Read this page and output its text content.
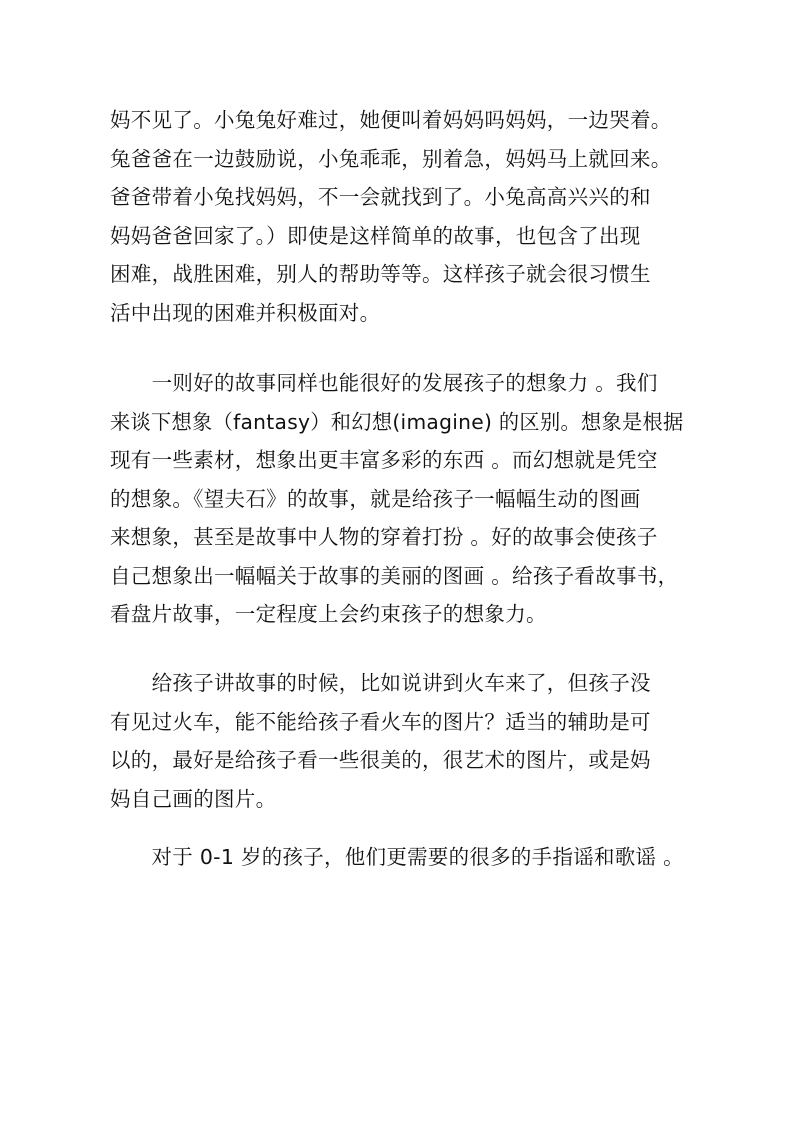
妈不见了。小兔兔好难过，她便叫着妈妈吗妈妈，一边哭着。
兔爸爸在一边鼓励说，小兔乖乖，别着急，妈妈马上就回来。
爸爸带着小兔找妈妈，不一会就找到了。小兔高高兴兴的和
妈妈爸爸回家了。）即使是这样简单的故事，也包含了出现
困难，战胜困难，别人的帮助等等。这样孩子就会很习惯生
活中出现的困难并积极面对。
　　一则好的故事同样也能很好的发展孩子的想象力 。我们
来谈下想象（fantasy）和幻想(imagine) 的区别。想象是根据
现有一些素材，想象出更丰富多彩的东西 。而幻想就是凭空
的想象。《望夫石》的故事，就是给孩子一幅幅生动的图画
来想象，甚至是故事中人物的穿着打扮 。好的故事会使孩子
自己想象出一幅幅关于故事的美丽的图画 。给孩子看故事书，
看盘片故事，一定程度上会约束孩子的想象力。
　　给孩子讲故事的时候，比如说讲到火车来了，但孩子没
有见过火车，能不能给孩子看火车的图片？适当的辅助是可
以的，最好是给孩子看一些很美的，很艺术的图片，或是妈
妈自己画的图片。
　　对于 0-1 岁的孩子，他们更需要的很多的手指谣和歌谣 。
